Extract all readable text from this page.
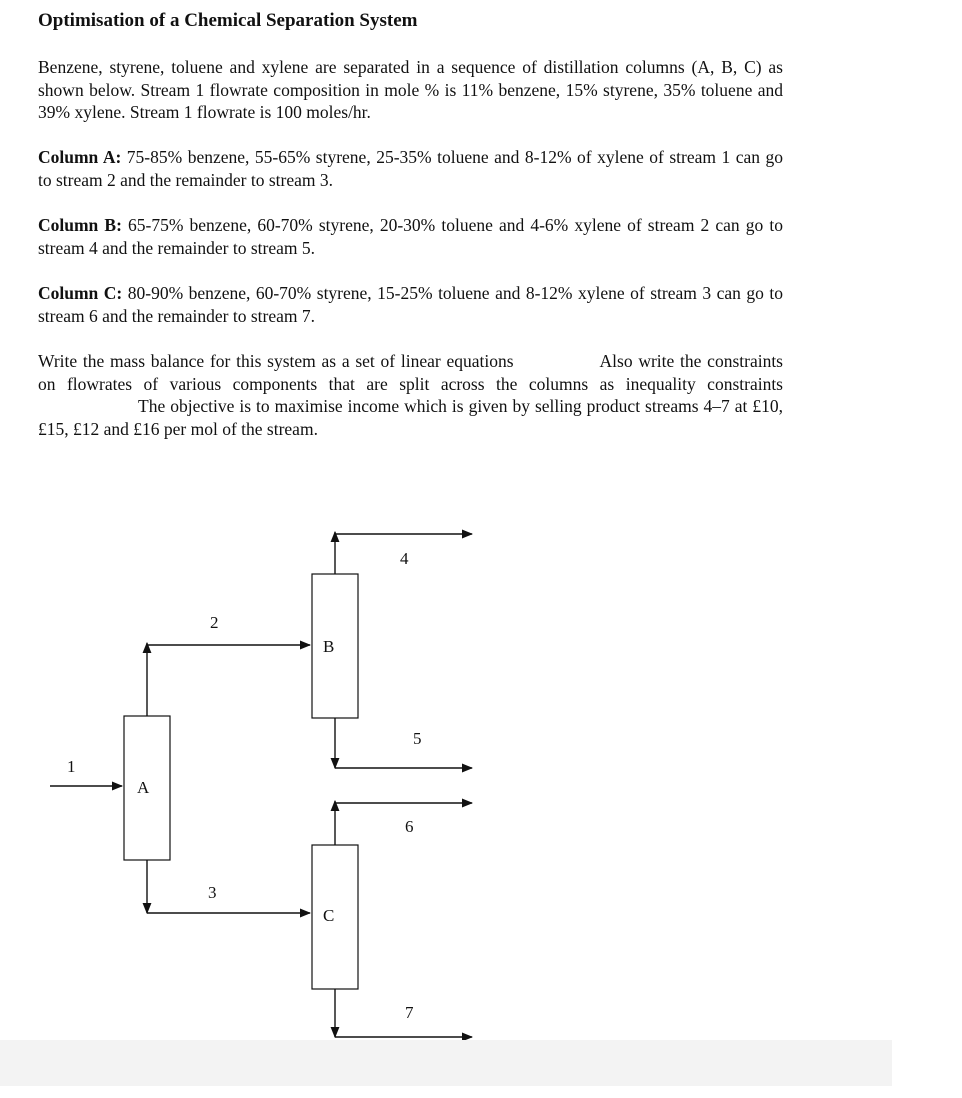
Optimisation of a Chemical Separation System

Benzene, styrene, toluene and xylene are separated in a sequence of distillation columns (A, B, C) as shown below. Stream 1 flowrate composition in mole % is 11% benzene, 15% styrene, 35% toluene and 39% xylene. Stream 1 flowrate is 100 moles/hr.

Column A: 75-85% benzene, 55-65% styrene, 25-35% toluene and 8-12% of xylene of stream 1 can go to stream 2 and the remainder to stream 3.

Column B: 65-75% benzene, 60-70% styrene, 20-30% toluene and 4-6% xylene of stream 2 can go to stream 4 and the remainder to stream 5.

Column C: 80-90% benzene, 60-70% styrene, 15-25% toluene and 8-12% xylene of stream 3 can go to stream 6 and the remainder to stream 7.

Write the mass balance for this system as a set of linear equations	Also write the constraints on flowrates of various components that are split across the columns as inequality constraintsThe objective is to maximise income which is given by selling product streams 4–7 at £10, £15, £12 and £16 per mol of the stream.

A
B
C
1
2
3
4
5
6
7
